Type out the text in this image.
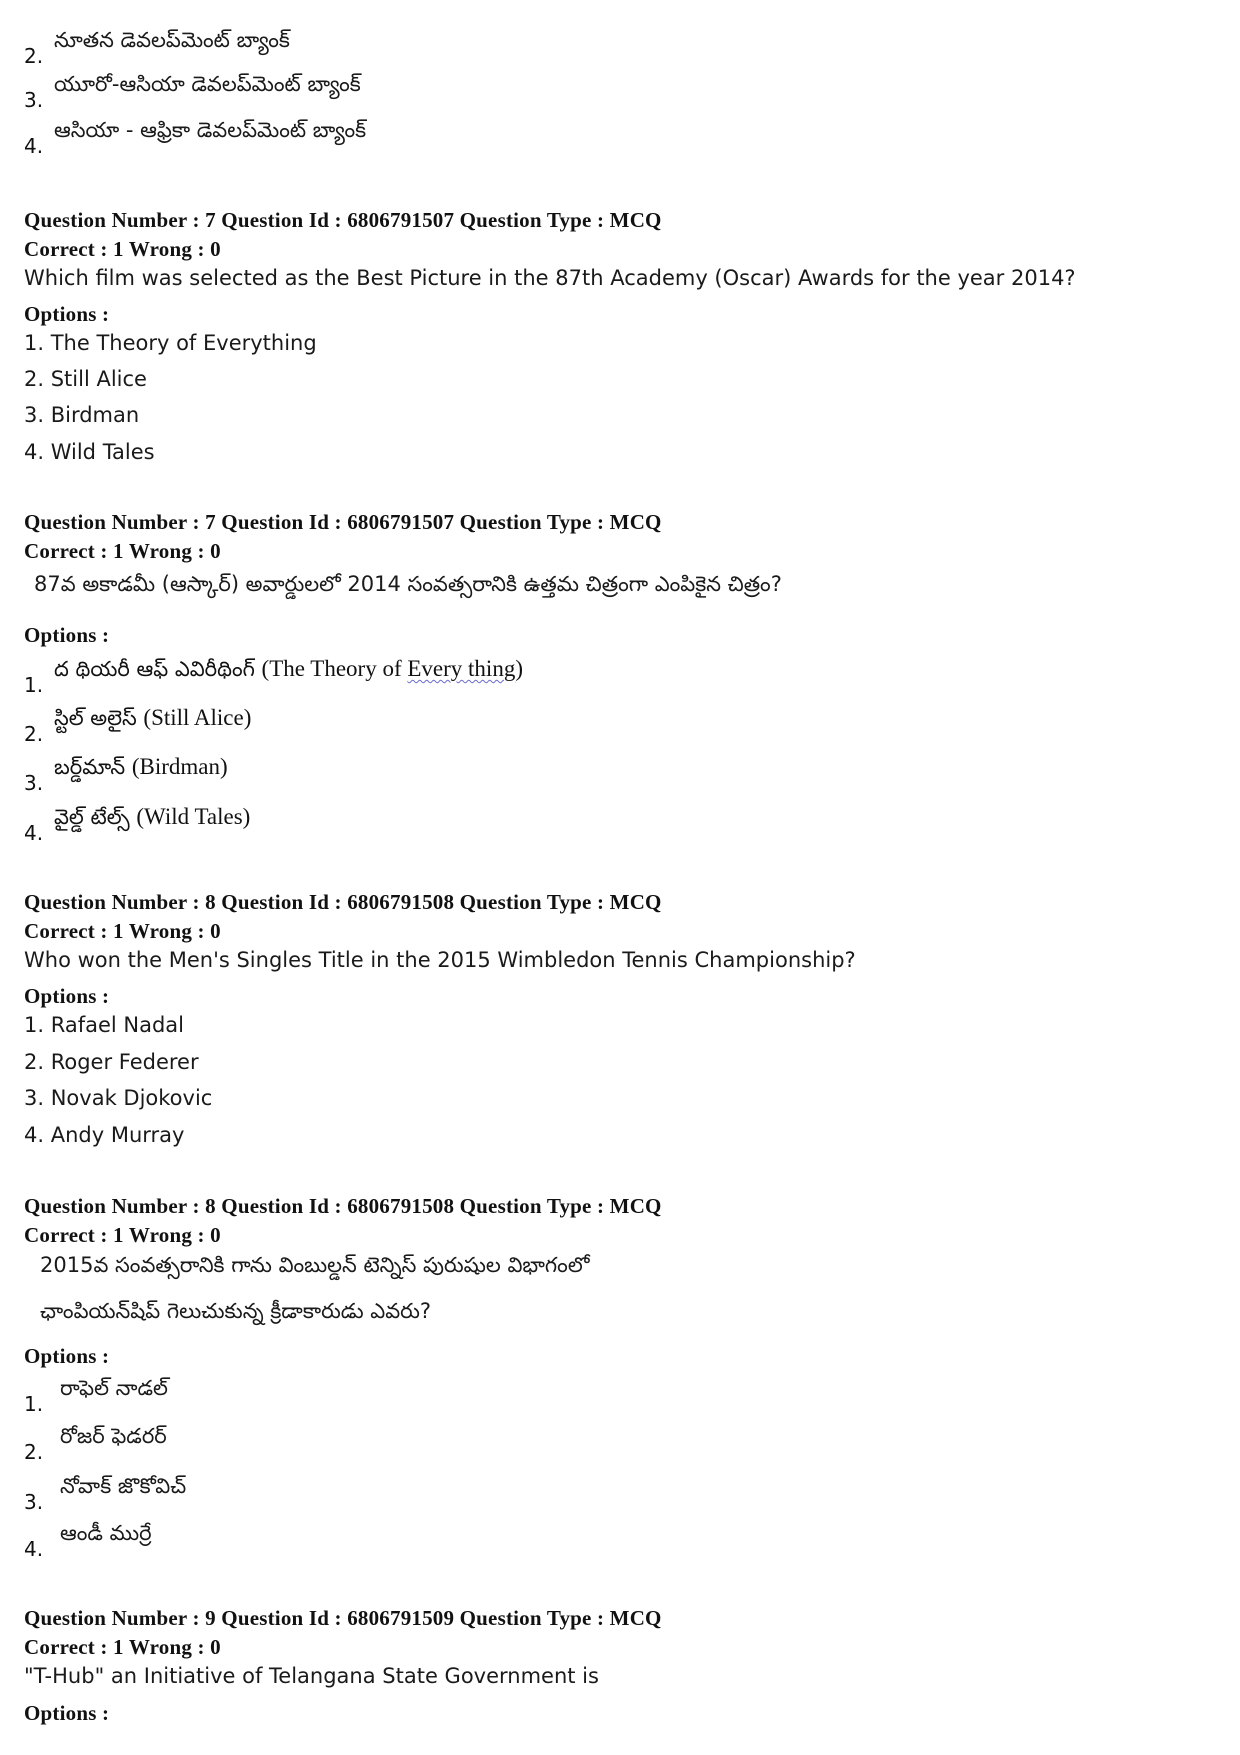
2.నూతన డెవలప్‌మెంట్ బ్యాంక్
3.యూరో-ఆసియా డెవలప్‌మెంట్ బ్యాంక్
4.ఆసియా - ఆఫ్రికా డెవలప్‌మెంట్ బ్యాంక్
Question Number : 7 Question Id : 6806791507 Question Type : MCQ
Correct : 1 Wrong : 0
Which film was selected as the Best Picture in the 87th Academy (Oscar) Awards for the year 2014?
Options :
1. The Theory of Everything
2. Still Alice
3. Birdman
4. Wild Tales
Question Number : 7 Question Id : 6806791507 Question Type : MCQ
Correct : 1 Wrong : 0
87వ అకాడమీ (ఆస్కార్) అవార్డులలో 2014 సంవత్సరానికి ఉత్తమ చిత్రంగా ఎంపికైన చిత్రం?
Options :
1.ద థియరీ ఆఫ్ ఎవిరీథింగ్ (The Theory of Every thing)
2.స్టిల్ అలైస్ (Still Alice)
3.బర్డ్‌మాన్ (Birdman)
4.వైల్డ్ టేల్స్ (Wild Tales)
Question Number : 8 Question Id : 6806791508 Question Type : MCQ
Correct : 1 Wrong : 0
Who won the Men's Singles Title in the 2015 Wimbledon Tennis Championship?
Options :
1. Rafael Nadal
2. Roger Federer
3. Novak Djokovic
4. Andy Murray
Question Number : 8 Question Id : 6806791508 Question Type : MCQ
Correct : 1 Wrong : 0
2015వ సంవత్సరానికి గాను వింబుల్డన్ టెన్నిస్ పురుషుల విభాగంలో
ఛాంపియన్‌షిప్ గెలుచుకున్న క్రీడాకారుడు ఎవరు?
Options :
1.రాఫెల్ నాడల్
2.రోజర్ ఫెడరర్
3.నోవాక్ జొకోవిచ్
4.ఆండీ ముర్రే
Question Number : 9 Question Id : 6806791509 Question Type : MCQ
Correct : 1 Wrong : 0
"T-Hub" an Initiative of Telangana State Government is
Options :
